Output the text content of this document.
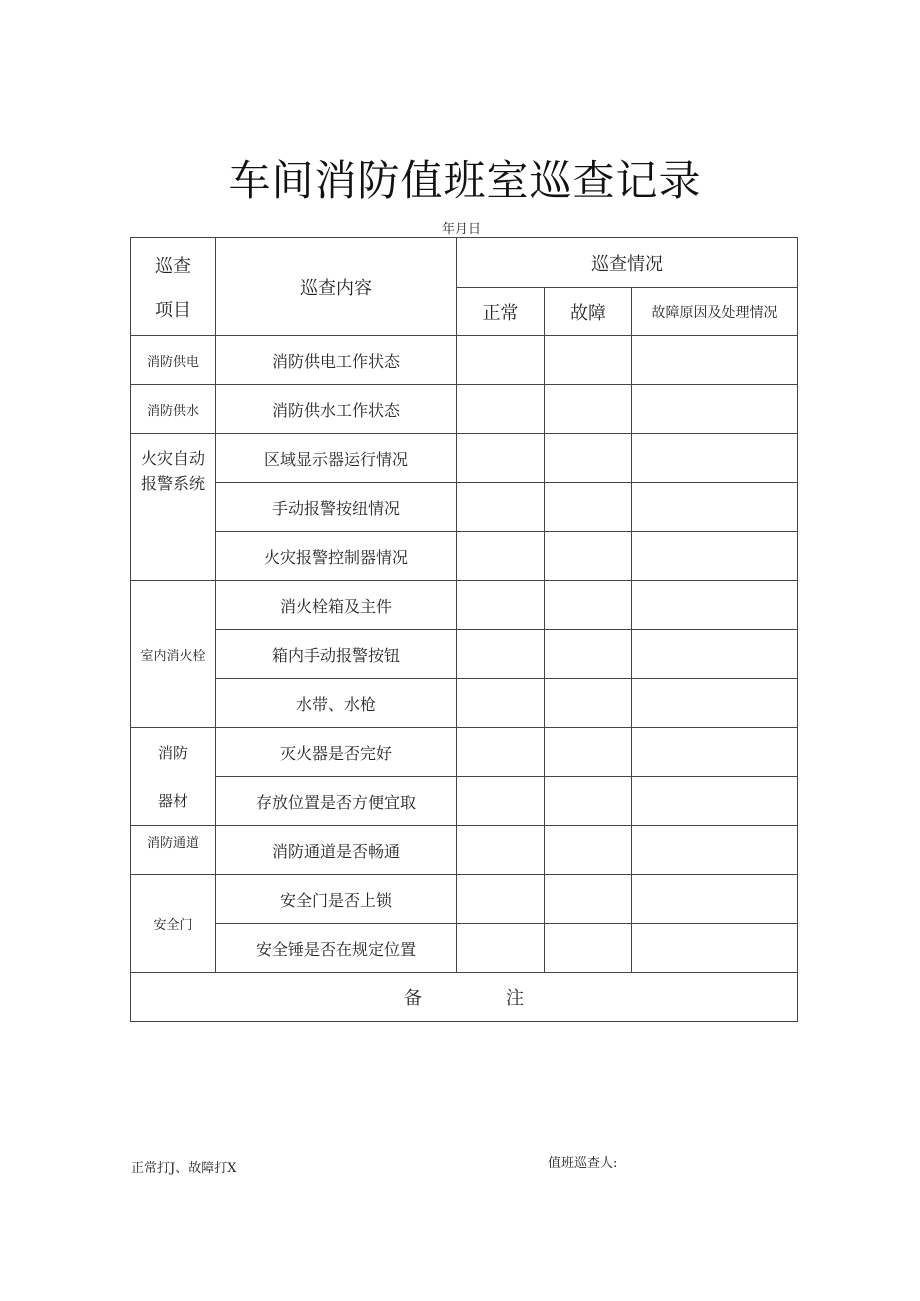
车间消防值班室巡查记录
年月日
巡查
项目	巡查内容	巡查情况		
		正常	故障	故障原因及处理情况
消防供电	消防供电工作状态			
消防供水	消防供水工作状态			

火灾自动
报警系统	区域显示器运行情况			
	手动报警按纽情况			
	火灾报警控制器情况			
室内消火栓	消火栓箱及主件			
	箱内手动报警按钮			
	水带、水枪			

消防
器材	灭火器是否完好			
	存放位置是否方便宜取			
消防通道	消防通道是否畅通			
安全门	安全门是否上锁			
	安全锤是否在规定位置			
备 注				
正常打J、故障打X	值班巡查人:
